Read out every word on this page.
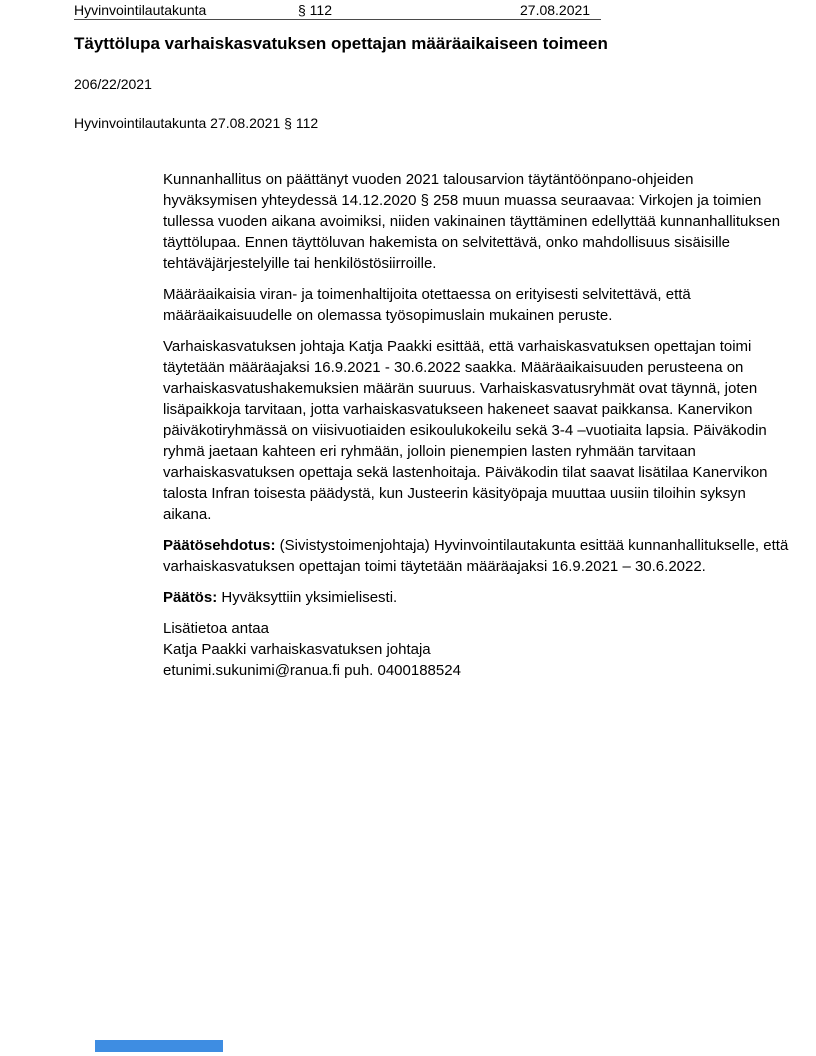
Hyvinvointilautakunta	§ 112	27.08.2021
Täyttölupa varhaiskasvatuksen opettajan määräaikaiseen toimeen
206/22/2021
Hyvinvointilautakunta 27.08.2021 § 112

Kunnanhallitus on päättänyt vuoden 2021 talousarvion täytäntöönpano-ohjeiden hyväksymisen yhteydessä 14.12.2020 § 258 muun muassa seuraavaa: Virkojen ja toimien tullessa vuoden aikana avoimiksi, niiden vakinainen täyttäminen edellyttää kunnanhallituksen täyttölupaa. Ennen täyttöluvan hakemista on selvitettävä, onko mahdollisuus sisäisille tehtäväjärjestelyille tai henkilöstösiirroille.

Määräaikaisia viran- ja toimenhaltijoita otettaessa on erityisesti selvitettävä, että määräaikaisuudelle on olemassa työsopimuslain mukainen peruste.

Varhaiskasvatuksen johtaja Katja Paakki esittää, että varhaiskasvatuksen opettajan toimi täytetään määräajaksi 16.9.2021 - 30.6.2022 saakka. Määräaikaisuuden perusteena on varhaiskasvatushakemuksien määrän suuruus. Varhaiskasvatusryhmät ovat täynnä, joten lisäpaikkoja tarvitaan, jotta varhaiskasvatukseen hakeneet saavat paikkansa. Kanervikon päiväkotiryhmässä on viisivuotiaiden esikoulukokeilu sekä 3-4 –vuotiaita lapsia. Päiväkodin ryhmä jaetaan kahteen eri ryhmään, jolloin pienempien lasten ryhmään tarvitaan varhaiskasvatuksen opettaja sekä lastenhoitaja. Päiväkodin tilat saavat lisätilaa Kanervikon talosta Infran toisesta päädystä, kun Justeerin käsityöpaja muuttaa uusiin tiloihin syksyn aikana.

Päätösehdotus: (Sivistystoimenjohtaja) Hyvinvointilautakunta esittää kunnanhallitukselle, että varhaiskasvatuksen opettajan toimi täytetään määräajaksi 16.9.2021 – 30.6.2022.

Päätös: Hyväksyttiin yksimielisesti.

Lisätietoa antaa
Katja Paakki varhaiskasvatuksen johtaja
etunimi.sukunimi@ranua.fi puh. 0400188524
